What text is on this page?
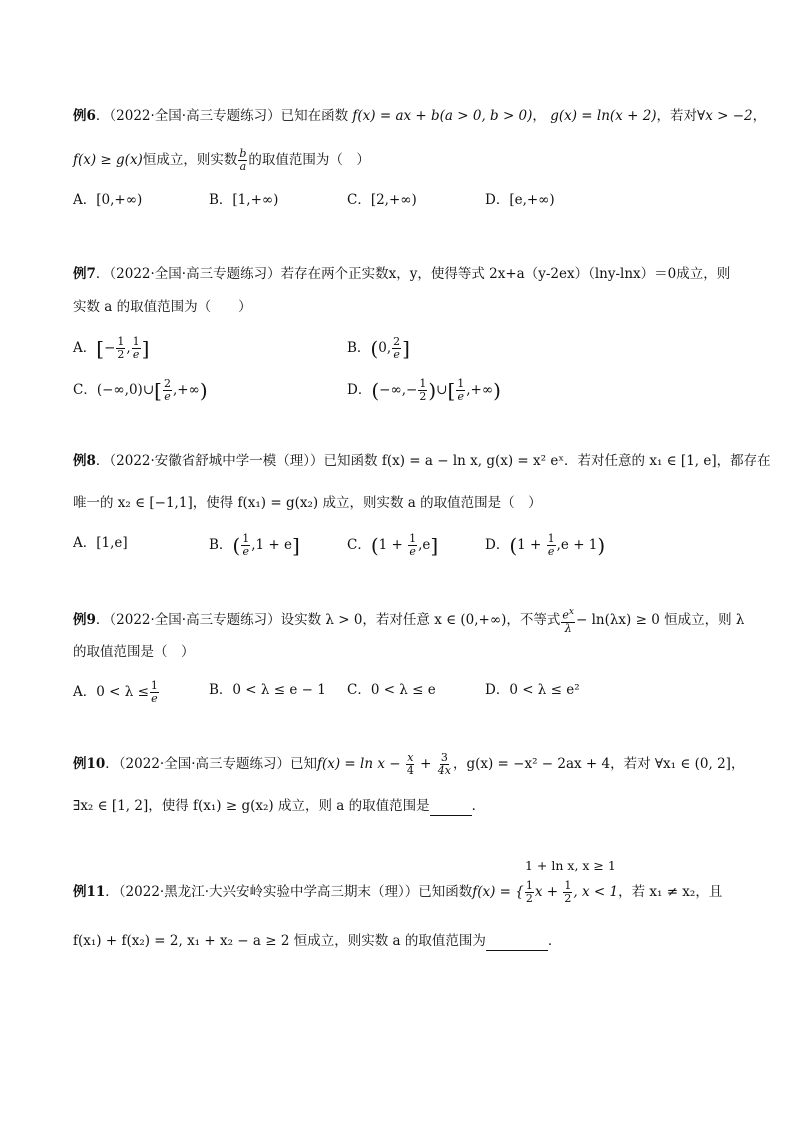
例6．（2022·全国·高三专题练习）已知在函数 f(x) = ax + b(a > 0, b > 0)， g(x) = ln(x + 2)，若对∀x > −2，
f(x) ≥ g(x)恒成立，则实数 $\frac{b}{a}$ 的取值范围为（　）
A．[0,+∞)	B．[1,+∞)	C．[2,+∞)	D．[e,+∞)
例7．（2022·全国·高三专题练习）若存在两个正实数x，y，使得等式 2x+a（y-2ex）（lny-lnx）＝0成立，则
实数 a 的取值范围为（　　）
A．[− $\frac{1}{2}$ , $\frac{1}{e}$ ]	B．(0, $\frac{2}{e}$ ]
C．(−∞,0)∪[ $\frac{2}{e}$ ,+∞)	D．(−∞,− $\frac{1}{2}$ )∪[ $\frac{1}{e}$ ,+∞)
例8．（2022·安徽省舒城中学一模（理））已知函数 f(x) = a − ln x, g(x) = x² eˣ．若对任意的 x₁ ∈ [1, e]，都存在
唯一的 x₂ ∈ [−1,1]，使得 f(x₁) = g(x₂) 成立，则实数 a 的取值范围是（　）
A．[1,e]	B．( $\frac{1}{e} ,1 + e$]	C．$(1 + \frac{1}{e} ,e]$	D．$(1 + \frac{1}{e} ,e + 1)$
例9．（2022·全国·高三专题练习）设实数 λ > 0，若对任意 x ∈ (0,+∞)，不等式 $\frac{e^x}{\lambda} - \ln(\lambda x) \ge 0$ 恒成立，则 λ
的取值范围是（　）
A．$0 < \lambda \le \frac{1}{e}$	B．0 < λ ≤ e − 1 C．0 < λ ≤ e	D．0 < λ ≤ e²
例10．（2022·全国·高三专题练习）已知$f(x) = \ln x - \frac{x}{4} + \frac{3}{4x}$ ，g(x) = −x² − 2ax + 4，若对 ∀x₁ ∈ (0, 2]，
∃x₂ ∈ [1, 2]，使得 f(x₁) ≥ g(x₂) 成立，则 a 的取值范围是	．
1 + ln x, x ≥ 1
例11．（2022·黑龙江·大兴安岭实验中学高三期末（理））已知函数f(x) = { $\frac{1}{2}$ $x + \frac{1}{2}$ , x < 1，若 x₁ ≠ x₂，且
f(x₁) + f(x₂) = 2, x₁ + x₂ − a ≥ 2 恒成立，则实数 a 的取值范围为	．
